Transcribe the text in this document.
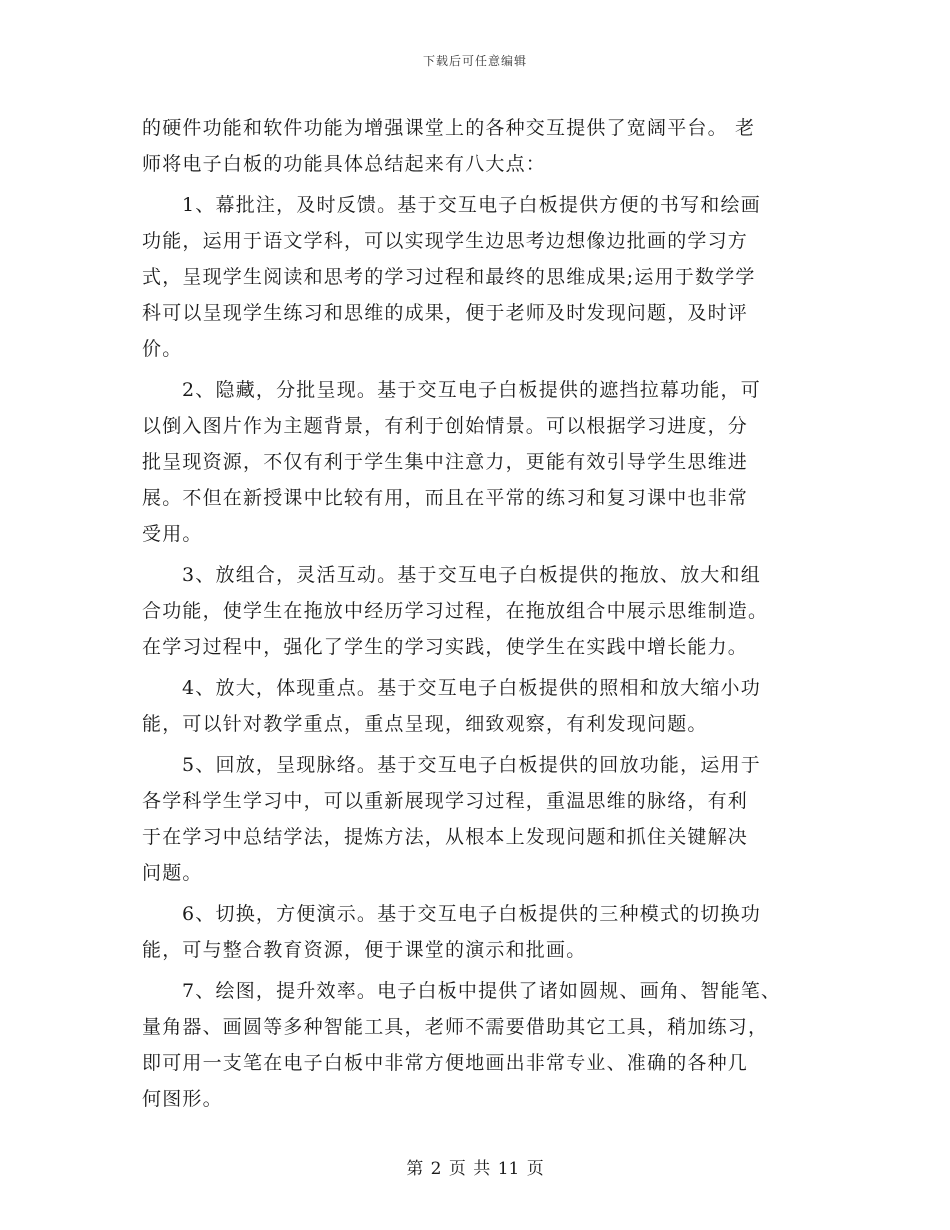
下载后可任意编辑
的硬件功能和软件功能为增强课堂上的各种交互提供了宽阔平台。 老
师将电子白板的功能具体总结起来有八大点：
1、幕批注，及时反馈。基于交互电子白板提供方便的书写和绘画
功能，运用于语文学科，可以实现学生边思考边想像边批画的学习方
式，呈现学生阅读和思考的学习过程和最终的思维成果;运用于数学学
科可以呈现学生练习和思维的成果，便于老师及时发现问题，及时评
价。
2、隐藏，分批呈现。基于交互电子白板提供的遮挡拉幕功能，可
以倒入图片作为主题背景，有利于创始情景。可以根据学习进度，分
批呈现资源，不仅有利于学生集中注意力，更能有效引导学生思维进
展。不但在新授课中比较有用，而且在平常的练习和复习课中也非常
受用。
3、放组合，灵活互动。基于交互电子白板提供的拖放、放大和组
合功能，使学生在拖放中经历学习过程，在拖放组合中展示思维制造。
在学习过程中，强化了学生的学习实践，使学生在实践中增长能力。
4、放大，体现重点。基于交互电子白板提供的照相和放大缩小功
能，可以针对教学重点，重点呈现，细致观察，有利发现问题。
5、回放，呈现脉络。基于交互电子白板提供的回放功能，运用于
各学科学生学习中，可以重新展现学习过程，重温思维的脉络，有利
于在学习中总结学法，提炼方法，从根本上发现问题和抓住关键解决
问题。
6、切换，方便演示。基于交互电子白板提供的三种模式的切换功
能，可与整合教育资源，便于课堂的演示和批画。
7、绘图，提升效率。电子白板中提供了诸如圆规、画角、智能笔、
量角器、画圆等多种智能工具，老师不需要借助其它工具，稍加练习，
即可用一支笔在电子白板中非常方便地画出非常专业、准确的各种几
何图形。
第 2 页 共 11 页
